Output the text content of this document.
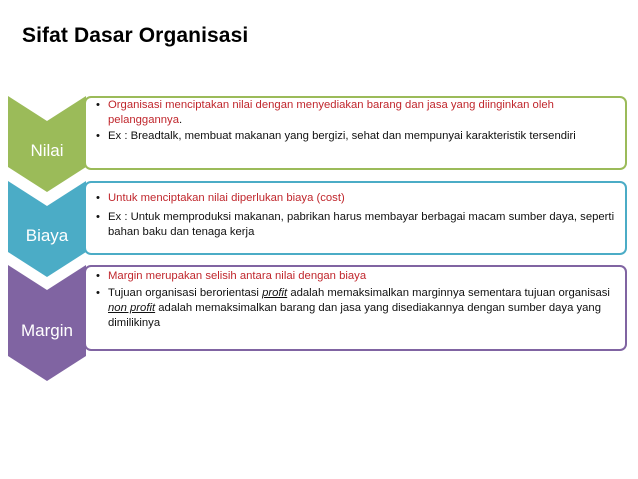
Sifat Dasar Organisasi
Nilai
• Organisasi menciptakan nilai dengan menyediakan barang dan jasa yang diinginkan oleh pelanggannya.
• Ex : Breadtalk, membuat makanan yang bergizi, sehat dan mempunyai karakteristik tersendiri
Biaya
• Untuk menciptakan nilai diperlukan biaya (cost)
• Ex : Untuk memproduksi makanan, pabrikan harus membayar berbagai macam sumber daya, seperti bahan baku dan tenaga kerja
Margin
• Margin merupakan selisih antara nilai dengan biaya
• Tujuan organisasi berorientasi profit adalah memaksimalkan marginnya sementara tujuan organisasi non profit adalah memaksimalkan barang dan jasa yang disediakannya dengan sumber daya yang dimilikinya
